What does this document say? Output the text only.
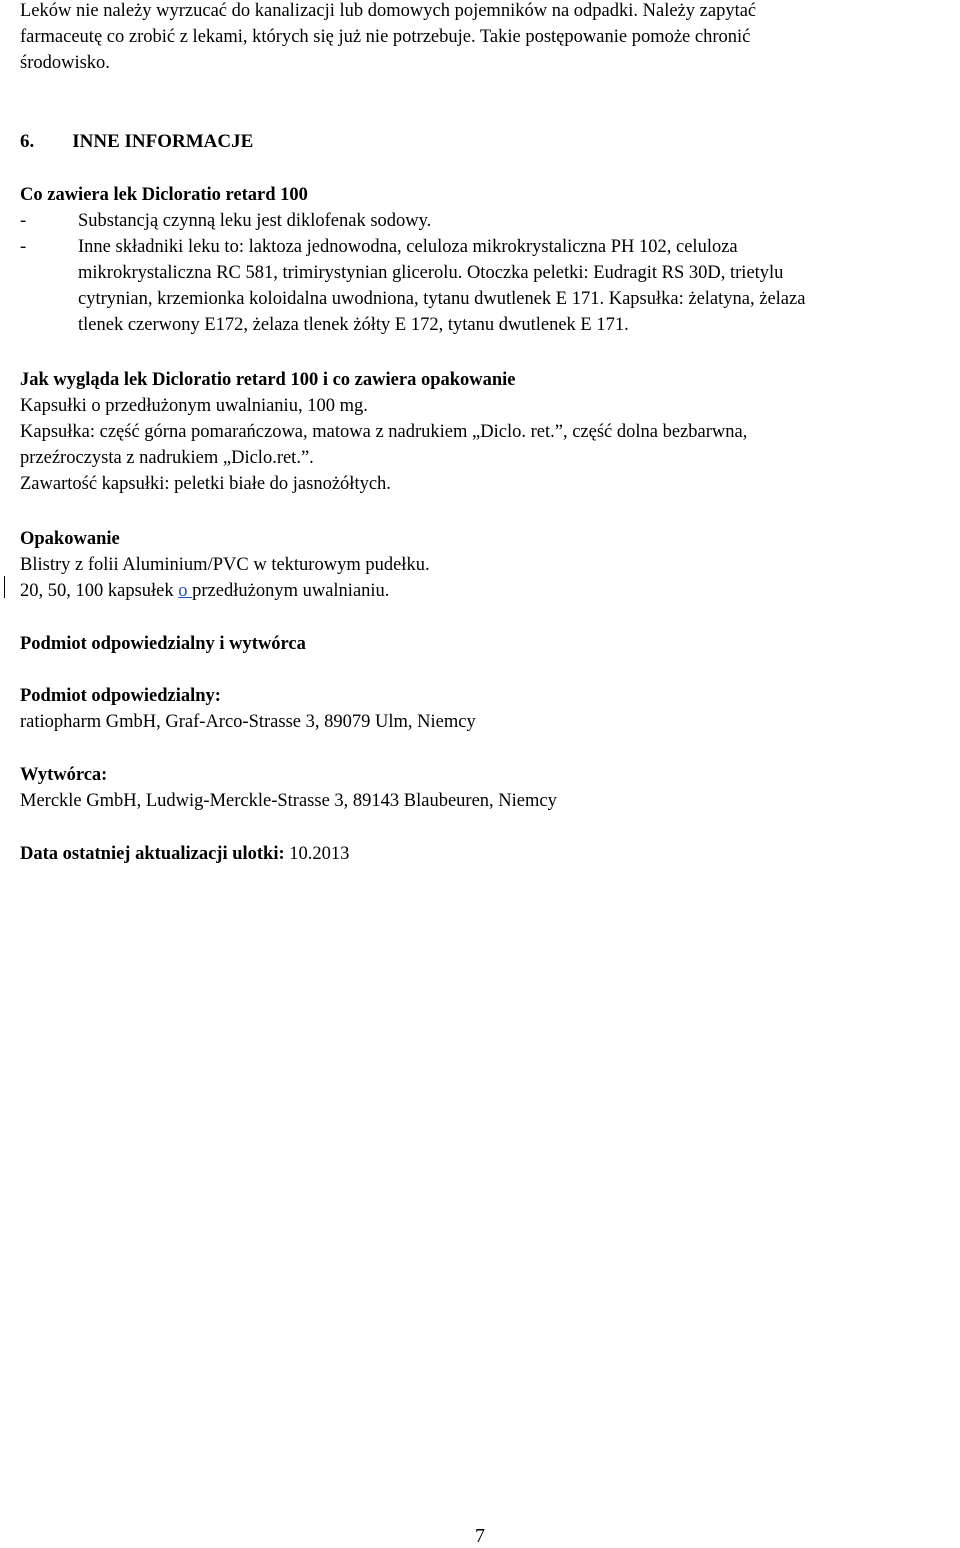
Leków nie należy wyrzucać do kanalizacji lub domowych pojemników na odpadki. Należy zapytać
farmaceutę co zrobić z lekami, których się już nie potrzebuje. Takie postępowanie pomoże chronić
środowisko.
6. INNE INFORMACJE
Co zawiera lek Dicloratio retard 100
-	Substancją czynną leku jest diklofenak sodowy.
-	Inne składniki leku to: laktoza jednowodna, celuloza mikrokrystaliczna PH 102, celuloza
mikrokrystaliczna RC 581, trimirystynian glicerolu. Otoczka peletki: Eudragit RS 30D, trietylu
cytrynian, krzemionka koloidalna uwodniona, tytanu dwutlenek E 171. Kapsułka: żelatyna, żelaza
tlenek czerwony E172, żelaza tlenek żółty E 172, tytanu dwutlenek E 171.
Jak wygląda lek Dicloratio retard 100 i co zawiera opakowanie
Kapsułki o przedłużonym uwalnianiu, 100 mg.
Kapsułka: część górna pomarańczowa, matowa z nadrukiem „Diclo. ret.”, część dolna bezbarwna,
przeźroczysta z nadrukiem „Diclo.ret.”.
Zawartość kapsułki: peletki białe do jasnożółtych.
Opakowanie
Blistry z folii Aluminium/PVC w tekturowym pudełku.
20, 50, 100 kapsułek o przedłużonym uwalnianiu.
Podmiot odpowiedzialny i wytwórca
Podmiot odpowiedzialny:
ratiopharm GmbH, Graf-Arco-Strasse 3, 89079 Ulm, Niemcy
Wytwórca:
Merckle GmbH, Ludwig-Merckle-Strasse 3, 89143 Blaubeuren, Niemcy
Data ostatniej aktualizacji ulotki: 10.2013
7
